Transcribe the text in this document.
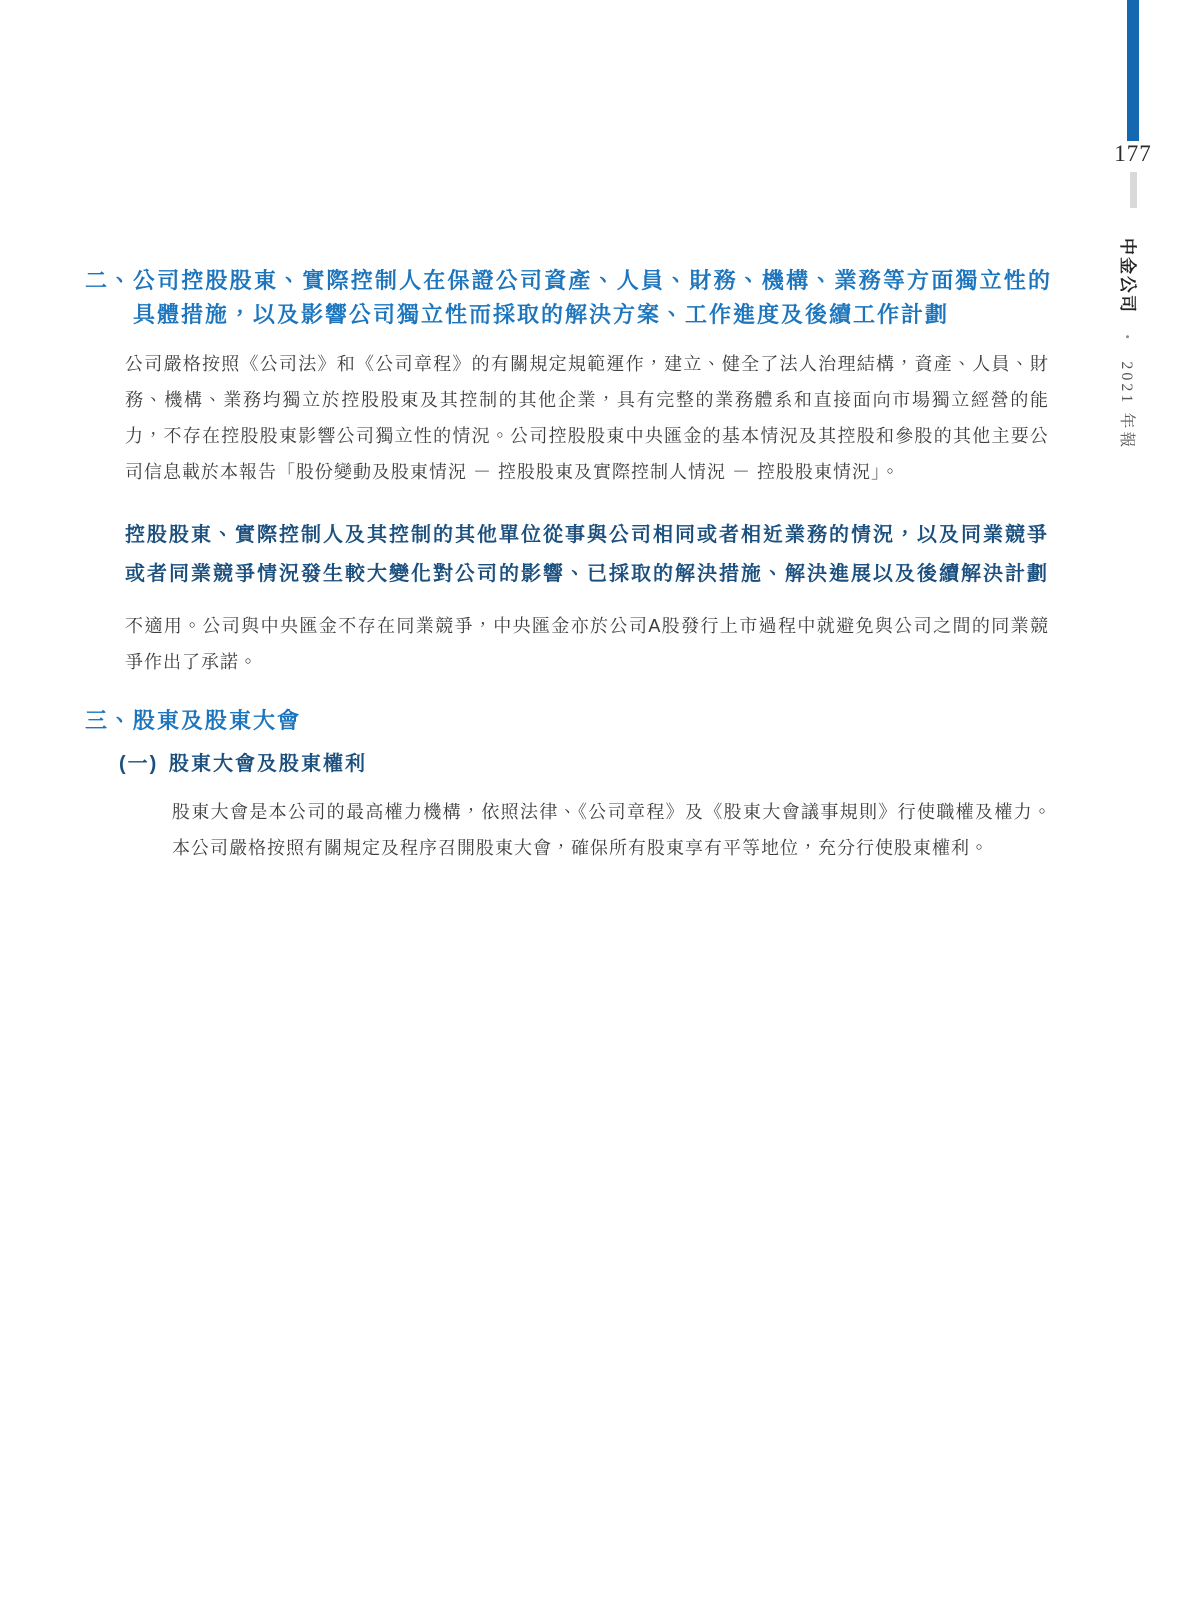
177
中金公司 • 2021 年報
二、 公司控股股東、實際控制人在保證公司資產、人員、財務、機構、業務等方面獨立性的具體措施，以及影響公司獨立性而採取的解決方案、工作進度及後續工作計劃

公司嚴格按照《公司法》和《公司章程》的有關規定規範運作，建立、健全了法人治理結構，資產、人員、財務、機構、業務均獨立於控股股東及其控制的其他企業，具有完整的業務體系和直接面向市場獨立經營的能力，不存在控股股東影響公司獨立性的情況。公司控股股東中央匯金的基本情況及其控股和參股的其他主要公司信息載於本報告「股份變動及股東情況 － 控股股東及實際控制人情況 － 控股股東情況」。

控股股東、實際控制人及其控制的其他單位從事與公司相同或者相近業務的情況，以及同業競爭或者同業競爭情況發生較大變化對公司的影響、已採取的解決措施、解決進展以及後續解決計劃

不適用。公司與中央匯金不存在同業競爭，中央匯金亦於公司A股發行上市過程中就避免與公司之間的同業競爭作出了承諾。

三、 股東及股東大會
(一) 股東大會及股東權利

股東大會是本公司的最高權力機構，依照法律、《公司章程》及《股東大會議事規則》行使職權及權力。本公司嚴格按照有關規定及程序召開股東大會，確保所有股東享有平等地位，充分行使股東權利。
